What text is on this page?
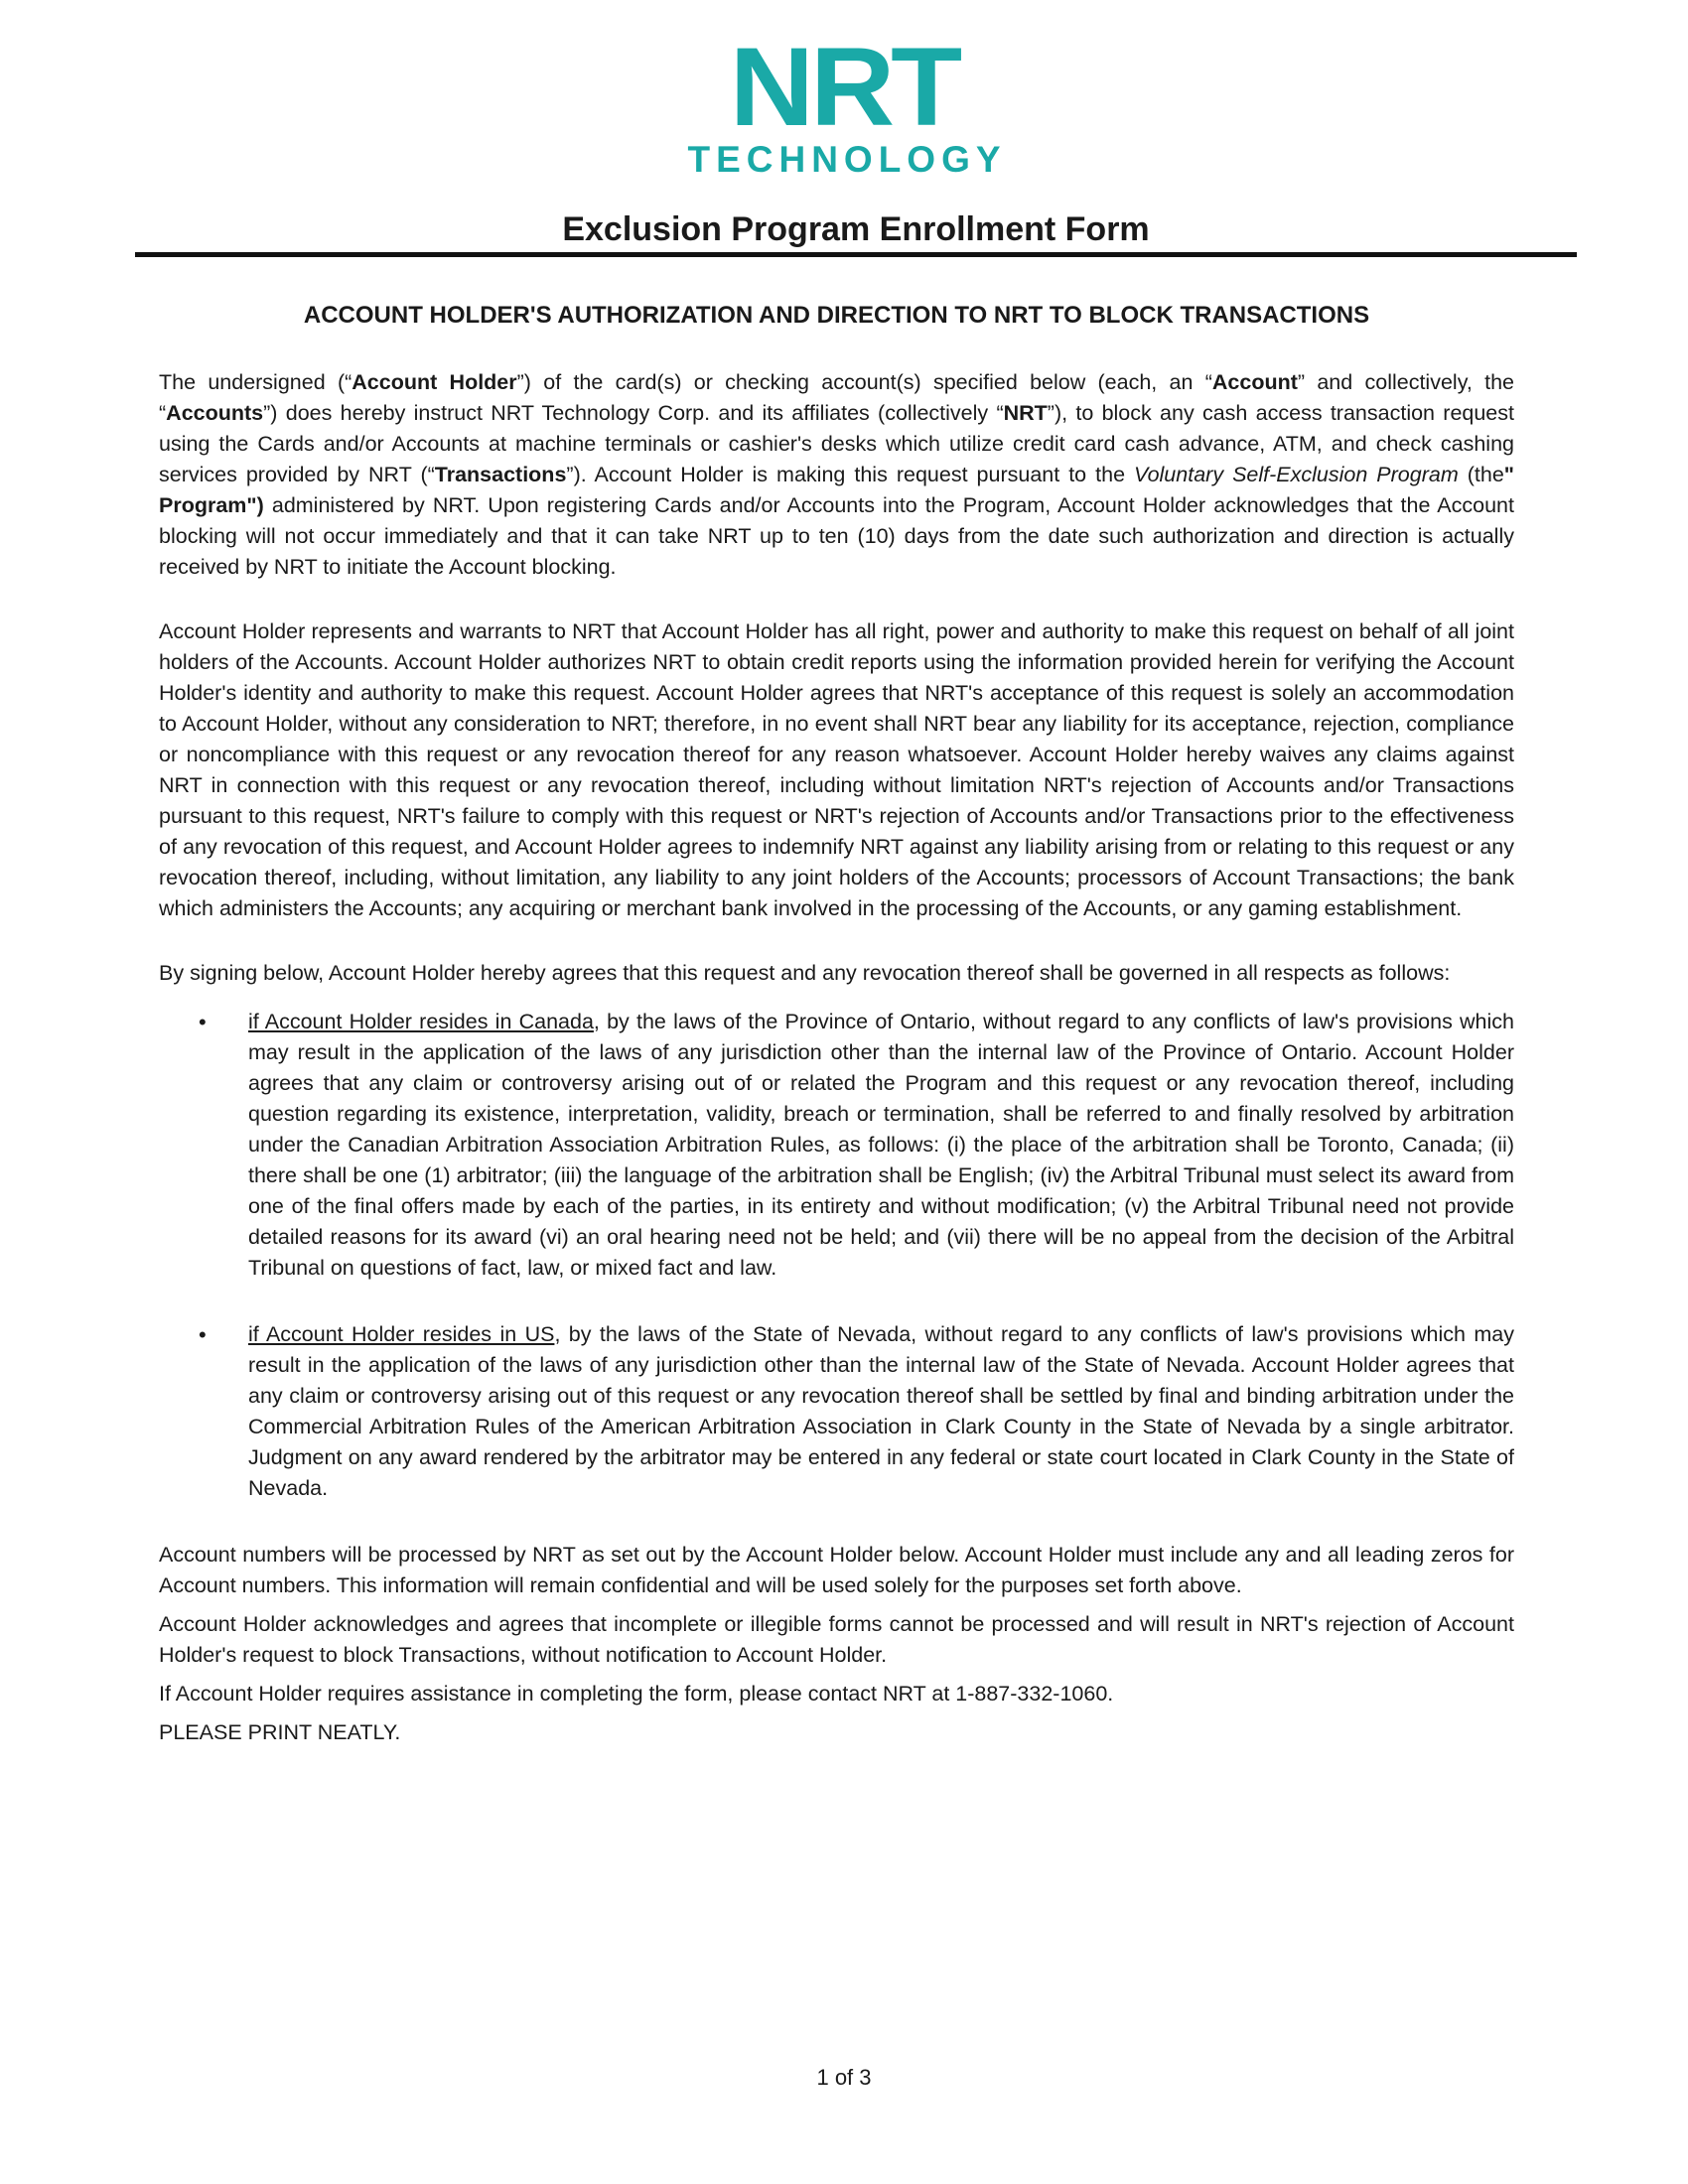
NRT
TECHNOLOGY
Exclusion Program Enrollment Form
ACCOUNT HOLDER'S AUTHORIZATION AND DIRECTION TO NRT TO BLOCK TRANSACTIONS

The undersigned (“Account Holder”) of the card(s) or checking account(s) specified below (each, an “Account” and collectively, the “Accounts”) does hereby instruct NRT Technology Corp. and its affiliates (collectively “NRT”), to block any cash access transaction request using the Cards and/or Accounts at machine terminals or cashier's desks which utilize credit card cash advance, ATM, and check cashing services provided by NRT (“Transactions”). Account Holder is making this request pursuant to the Voluntary Self-Exclusion Program (the" Program") administered by NRT. Upon registering Cards and/or Accounts into the Program, Account Holder acknowledges that the Account blocking will not occur immediately and that it can take NRT up to ten (10) days from the date such authorization and direction is actually received by NRT to initiate the Account blocking.

Account Holder represents and warrants to NRT that Account Holder has all right, power and authority to make this request on behalf of all joint holders of the Accounts. Account Holder authorizes NRT to obtain credit reports using the information provided herein for verifying the Account Holder's identity and authority to make this request. Account Holder agrees that NRT's acceptance of this request is solely an accommodation to Account Holder, without any consideration to NRT; therefore, in no event shall NRT bear any liability for its acceptance, rejection, compliance or noncompliance with this request or any revocation thereof for any reason whatsoever. Account Holder hereby waives any claims against NRT in connection with this request or any revocation thereof, including without limitation NRT's rejection of Accounts and/or Transactions pursuant to this request, NRT's failure to comply with this request or NRT's rejection of Accounts and/or Transactions prior to the effectiveness of any revocation of this request, and Account Holder agrees to indemnify NRT against any liability arising from or relating to this request or any revocation thereof, including, without limitation, any liability to any joint holders of the Accounts; processors of Account Transactions; the bank which administers the Accounts; any acquiring or merchant bank involved in the processing of the Accounts, or any gaming establishment.

By signing below, Account Holder hereby agrees that this request and any revocation thereof shall be governed in all respects as follows:

• if Account Holder resides in Canada, by the laws of the Province of Ontario, without regard to any conflicts of law's provisions which may result in the application of the laws of any jurisdiction other than the internal law of the Province of Ontario. Account Holder agrees that any claim or controversy arising out of or related the Program and this request or any revocation thereof, including question regarding its existence, interpretation, validity, breach or termination, shall be referred to and finally resolved by arbitration under the Canadian Arbitration Association Arbitration Rules, as follows: (i) the place of the arbitration shall be Toronto, Canada; (ii) there shall be one (1) arbitrator; (iii) the language of the arbitration shall be English; (iv) the Arbitral Tribunal must select its award from one of the final offers made by each of the parties, in its entirety and without modification; (v) the Arbitral Tribunal need not provide detailed reasons for its award (vi) an oral hearing need not be held; and (vii) there will be no appeal from the decision of the Arbitral Tribunal on questions of fact, law, or mixed fact and law.

• if Account Holder resides in US, by the laws of the State of Nevada, without regard to any conflicts of law's provisions which may result in the application of the laws of any jurisdiction other than the internal law of the State of Nevada. Account Holder agrees that any claim or controversy arising out of this request or any revocation thereof shall be settled by final and binding arbitration under the Commercial Arbitration Rules of the American Arbitration Association in Clark County in the State of Nevada by a single arbitrator. Judgment on any award rendered by the arbitrator may be entered in any federal or state court located in Clark County in the State of Nevada.

Account numbers will be processed by NRT as set out by the Account Holder below. Account Holder must include any and all leading zeros for Account numbers. This information will remain confidential and will be used solely for the purposes set forth above.

Account Holder acknowledges and agrees that incomplete or illegible forms cannot be processed and will result in NRT's rejection of Account Holder's request to block Transactions, without notification to Account Holder.

If Account Holder requires assistance in completing the form, please contact NRT at 1-887-332-1060.

PLEASE PRINT NEATLY.

1 of 3
